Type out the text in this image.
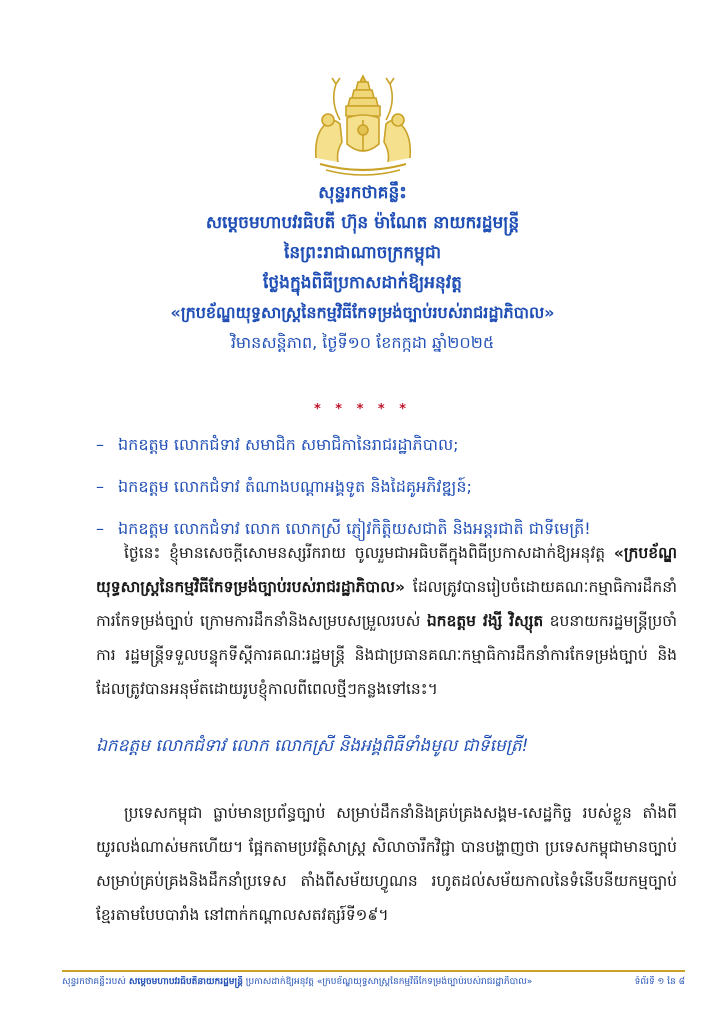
សុន្ទរកថាគន្លឹះ
សម្តេចមហាបវរធិបតី ហ៊ុន ម៉ាណែត នាយករដ្ឋមន្ត្រី
នៃព្រះរាជាណាចក្រកម្ពុជា
ថ្លែងក្នុងពិធីប្រកាសដាក់ឱ្យអនុវត្ត
«ក្របខ័ណ្ឌយុទ្ធសាស្ត្រនៃកម្មវិធីកែទម្រង់ច្បាប់របស់រាជរដ្ឋាភិបាល»
វិមានសន្តិភាព, ថ្ងៃទី១០ ខែកក្កដា ឆ្នាំ២០២៥
* * * * *
– ឯកឧត្តម លោកជំទាវ សមាជិក សមាជិកានៃរាជរដ្ឋាភិបាល;
– ឯកឧត្តម លោកជំទាវ តំណាងបណ្តាអង្គទូត និងដៃគូអភិវឌ្ឍន៍;
– ឯកឧត្តម លោកជំទាវ លោក លោកស្រី ភ្ញៀវកិត្តិយសជាតិ និងអន្តរជាតិ ជាទីមេត្រី!
ថ្ងៃនេះ ខ្ញុំមានសេចក្តីសោមនស្សរីករាយ ចូលរួមជាអធិបតីក្នុងពិធីប្រកាសដាក់ឱ្យអនុវត្ត «ក្របខ័ណ្ឌយុទ្ធសាស្ត្រនៃកម្មវិធីកែទម្រង់ច្បាប់របស់រាជរដ្ឋាភិបាល» ដែលត្រូវបានរៀបចំដោយគណៈកម្មាធិការដឹកនាំការកែទម្រង់ច្បាប់ ក្រោមការដឹកនាំនិងសម្របសម្រួលរបស់ ឯកឧត្តម វង្សី វិស្សុត ឧបនាយករដ្ឋមន្ត្រីប្រចាំការ រដ្ឋមន្ត្រីទទួលបន្ទុកទីស្តីការគណៈរដ្ឋមន្ត្រី និងជាប្រធានគណៈកម្មាធិការដឹកនាំការកែទម្រង់ច្បាប់ និងដែលត្រូវបានអនុម័តដោយរូបខ្ញុំកាលពីពេលថ្មីៗកន្លងទៅនេះ។
ឯកឧត្តម លោកជំទាវ លោក លោកស្រី និងអង្គពិធីទាំងមូល ជាទីមេត្រី!
ប្រទេសកម្ពុជា ធ្លាប់មានប្រព័ន្ធច្បាប់ សម្រាប់ដឹកនាំនិងគ្រប់គ្រងសង្គម-សេដ្ឋកិច្ច របស់ខ្លួន តាំងពីយូរលង់ណាស់មកហើយ។ ផ្អែកតាមប្រវត្តិសាស្ត្រ សិលាចារឹកវិជ្ជា បានបង្ហាញថា ប្រទេសកម្ពុជាមានច្បាប់សម្រាប់គ្រប់គ្រងនិងដឹកនាំប្រទេស តាំងពីសម័យហ្វូណន រហូតដល់សម័យកាលនៃទំនើបនីយកម្មច្បាប់ខ្មែរតាមបែបបារាំង នៅពាក់កណ្តាលសតវត្សរ៍ទី១៩។
សុន្ទរកថាគន្លឹះរបស់ សម្តេចមហាបវរធិបតីនាយករដ្ឋមន្ត្រី ប្រកាសដាក់ឱ្យអនុវត្ត «ក្របខ័ណ្ឌយុទ្ធសាស្ត្រនៃកម្មវិធីកែទម្រង់ច្បាប់របស់រាជរដ្ឋាភិបាល»	ទំព័រទី ១ នៃ ៨
